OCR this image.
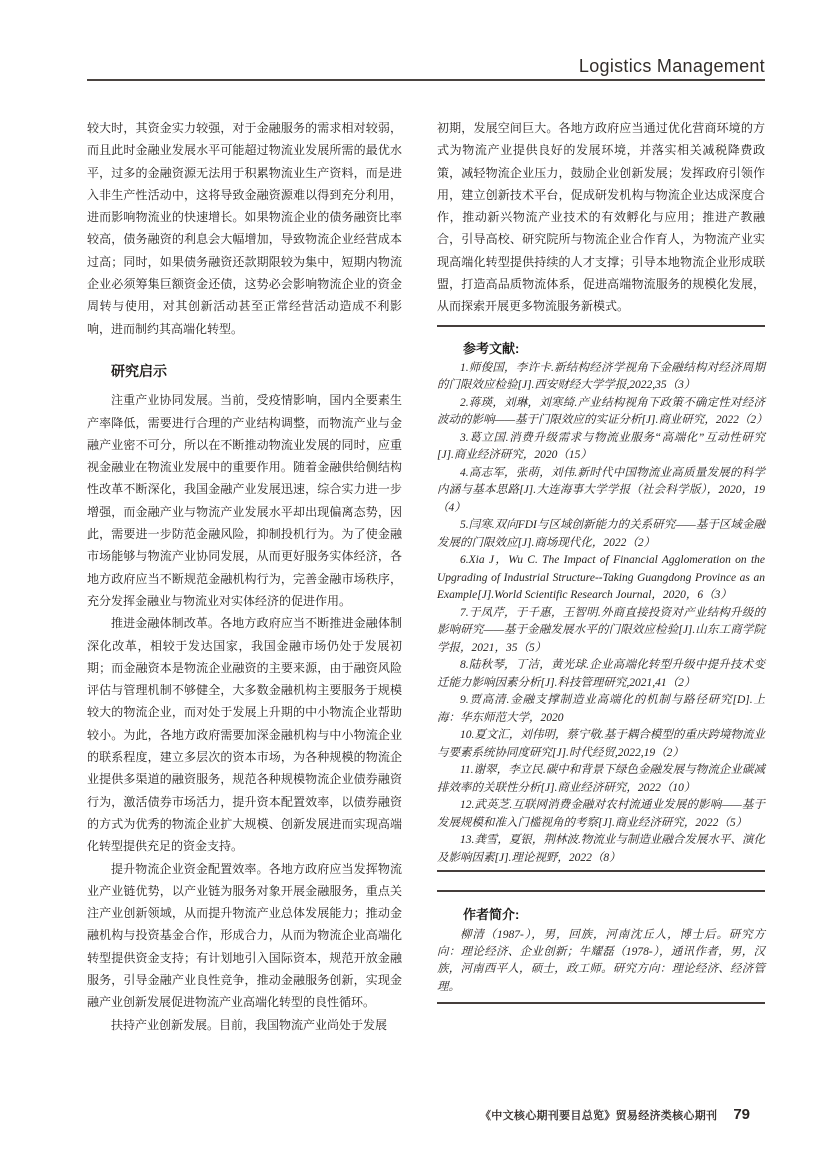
Logistics Management

较大时，其资金实力较强，对于金融服务的需求相对较弱，而且此时金融业发展水平可能超过物流业发展所需的最优水平，过多的金融资源无法用于积累物流业生产资料，而是进入非生产性活动中，这将导致金融资源难以得到充分利用，进而影响物流业的快速增长。如果物流企业的债务融资比率较高，债务融资的利息会大幅增加，导致物流企业经营成本过高；同时，如果债务融资还款期限较为集中，短期内物流企业必须筹集巨额资金还债，这势必会影响物流企业的资金周转与使用，对其创新活动甚至正常经营活动造成不利影响，进而制约其高端化转型。

研究启示

注重产业协同发展。当前，受疫情影响，国内全要素生产率降低，需要进行合理的产业结构调整，而物流产业与金融产业密不可分，所以在不断推动物流业发展的同时，应重视金融业在物流业发展中的重要作用。随着金融供给侧结构性改革不断深化，我国金融产业发展迅速，综合实力进一步增强，而金融产业与物流产业发展水平却出现偏离态势，因此，需要进一步防范金融风险，抑制投机行为。为了使金融市场能够与物流产业协同发展，从而更好服务实体经济，各地方政府应当不断规范金融机构行为，完善金融市场秩序，充分发挥金融业与物流业对实体经济的促进作用。

推进金融体制改革。各地方政府应当不断推进金融体制深化改革，相较于发达国家，我国金融市场仍处于发展初期；而金融资本是物流企业融资的主要来源，由于融资风险评估与管理机制不够健全，大多数金融机构主要服务于规模较大的物流企业，而对处于发展上升期的中小物流企业帮助较小。为此，各地方政府需要加深金融机构与中小物流企业的联系程度，建立多层次的资本市场，为各种规模的物流企业提供多渠道的融资服务，规范各种规模物流企业债券融资行为，激活债券市场活力，提升资本配置效率，以债券融资的方式为优秀的物流企业扩大规模、创新发展进而实现高端化转型提供充足的资金支持。

提升物流企业资金配置效率。各地方政府应当发挥物流业产业链优势，以产业链为服务对象开展金融服务，重点关注产业创新领域，从而提升物流产业总体发展能力；推动金融机构与投资基金合作，形成合力，从而为物流企业高端化转型提供资金支持；有计划地引入国际资本，规范开放金融服务，引导金融产业良性竞争，推动金融服务创新，实现金融产业创新发展促进物流产业高端化转型的良性循环。

扶持产业创新发展。目前，我国物流产业尚处于发展

初期，发展空间巨大。各地方政府应当通过优化营商环境的方式为物流产业提供良好的发展环境，并落实相关减税降费政策，减轻物流企业压力，鼓励企业创新发展；发挥政府引领作用，建立创新技术平台，促成研发机构与物流企业达成深度合作，推动新兴物流产业技术的有效孵化与应用；推进产教融合，引导高校、研究院所与物流企业合作育人，为物流产业实现高端化转型提供持续的人才支撑；引导本地物流企业形成联盟，打造高品质物流体系，促进高端物流服务的规模化发展，从而探索开展更多物流服务新模式。

参考文献:

1.师俊国，李许卡.新结构经济学视角下金融结构对经济周期的门限效应检验[J].西安财经大学学报,2022,35（3）

2.蒋瑛，刘琳，刘寒绮.产业结构视角下政策不确定性对经济波动的影响——基于门限效应的实证分析[J].商业研究，2022（2）

3.葛立国.消费升级需求与物流业服务“高端化”互动性研究[J].商业经济研究，2020（15）

4.高志军，张萌，刘伟.新时代中国物流业高质量发展的科学内涵与基本思路[J].大连海事大学学报（社会科学版），2020，19（4）

5.闫寒.双向FDI与区域创新能力的关系研究——基于区域金融发展的门限效应[J].商场现代化，2022（2）

6.Xia J，Wu C. The Impact of Financial Agglomeration on the Upgrading of Industrial Structure--Taking Guangdong Province as an Example[J].World Scientific Research Journal，2020，6（3）

7.于凤芹，于千惠，王智明.外商直接投资对产业结构升级的影响研究——基于金融发展水平的门限效应检验[J].山东工商学院学报，2021，35（5）

8.陆秋琴，丁洁，黄光球.企业高端化转型升级中提升技术变迁能力影响因素分析[J].科技管理研究,2021,41（2）

9.贾高清.金融支撑制造业高端化的机制与路径研究[D].上海：华东师范大学，2020

10.夏文汇，刘伟明，蔡宁敬.基于耦合模型的重庆跨境物流业与要素系统协同度研究[J].时代经贸,2022,19（2）

11.谢翠，李立民.碳中和背景下绿色金融发展与物流企业碳减排效率的关联性分析[J].商业经济研究，2022（10）

12.武英芝.互联网消费金融对农村流通业发展的影响——基于发展规模和准入门槛视角的考察[J].商业经济研究，2022（5）

13.龚雪，夏银，荆林波.物流业与制造业融合发展水平、演化及影响因素[J].理论视野，2022（8）

作者简介:

柳清（1987-），男，回族，河南沈丘人，博士后。研究方向：理论经济、企业创新；牛耀磊（1978-），通讯作者，男，汉族，河南西平人，硕士，政工师。研究方向：理论经济、经济管理。

《中文核心期刊要目总览》贸易经济类核心期刊 79
